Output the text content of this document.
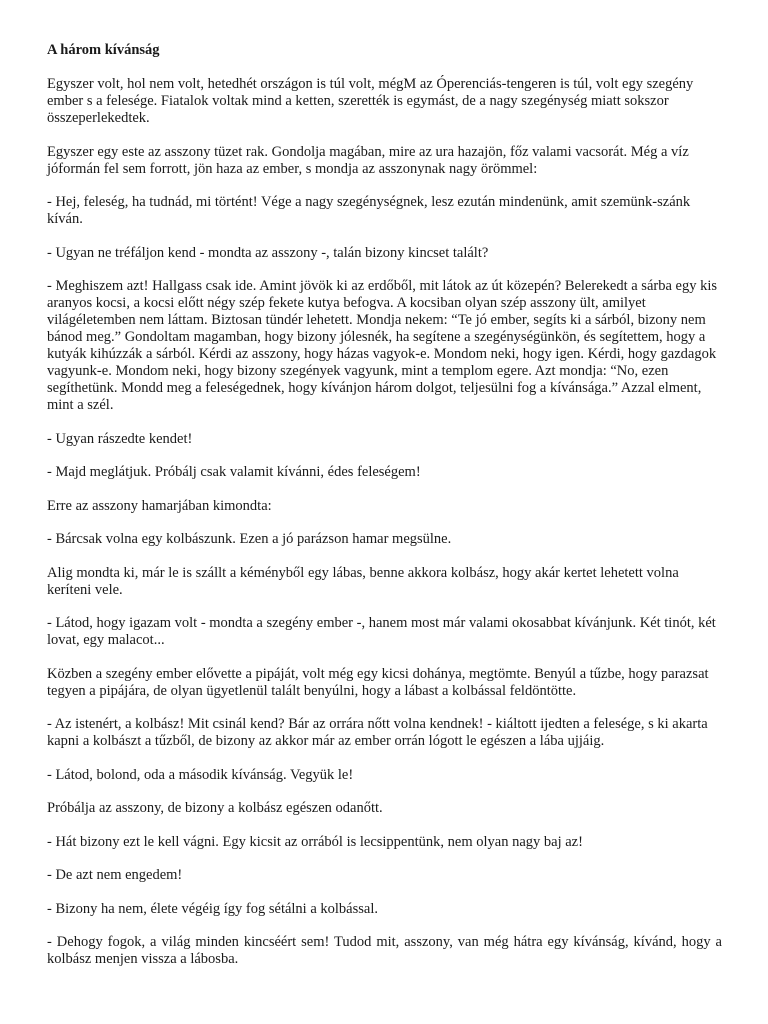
A három kívánság

Egyszer volt, hol nem volt, hetedhét országon is túl volt, mégM az Óperenciás-tengeren is túl, volt egy szegény ember s a felesége. Fiatalok voltak mind a ketten, szerették is egymást, de a nagy szegénység miatt sokszor összeperlekedtek.

Egyszer egy este az asszony tüzet rak. Gondolja magában, mire az ura hazajön, főz valami vacsorát. Még a víz jóformán fel sem forrott, jön haza az ember, s mondja az asszonynak nagy örömmel:

- Hej, feleség, ha tudnád, mi történt! Vége a nagy szegénységnek, lesz ezután mindenünk, amit szemünk-szánk kíván.

- Ugyan ne tréfáljon kend - mondta az asszony -, talán bizony kincset talált?

- Meghiszem azt! Hallgass csak ide. Amint jövök ki az erdőből, mit látok az út közepén? Belerekedt a sárba egy kis aranyos kocsi, a kocsi előtt négy szép fekete kutya befogva. A kocsiban olyan szép asszony ült, amilyet világéletemben nem láttam. Biztosan tündér lehetett. Mondja nekem: “Te jó ember, segíts ki a sárból, bizony nem bánod meg.” Gondoltam magamban, hogy bizony jólesnék, ha segítene a szegénységünkön, és segítettem, hogy a kutyák kihúzzák a sárból. Kérdi az asszony, hogy házas vagyok-e. Mondom neki, hogy igen. Kérdi, hogy gazdagok vagyunk-e. Mondom neki, hogy bizony szegények vagyunk, mint a templom egere. Azt mondja: “No, ezen segíthetünk. Mondd meg a feleségednek, hogy kívánjon három dolgot, teljesülni fog a kívánsága.” Azzal elment, mint a szél.

- Ugyan rászedte kendet!

- Majd meglátjuk. Próbálj csak valamit kívánni, édes feleségem!

Erre az asszony hamarjában kimondta:

- Bárcsak volna egy kolbászunk. Ezen a jó parázson hamar megsülne.

Alig mondta ki, már le is szállt a kéményből egy lábas, benne akkora kolbász, hogy akár kertet lehetett volna keríteni vele.

- Látod, hogy igazam volt - mondta a szegény ember -, hanem most már valami okosabbat kívánjunk. Két tinót, két lovat, egy malacot...

Közben a szegény ember elővette a pipáját, volt még egy kicsi dohánya, megtömte. Benyúl a tűzbe, hogy parazsat tegyen a pipájára, de olyan ügyetlenül talált benyúlni, hogy a lábast a kolbással feldöntötte.

- Az istenért, a kolbász! Mit csinál kend? Bár az orrára nőtt volna kendnek! - kiáltott ijedten a felesége, s ki akarta kapni a kolbászt a tűzből, de bizony az akkor már az ember orrán lógott le egészen a lába ujjáig.

- Látod, bolond, oda a második kívánság. Vegyük le!

Próbálja az asszony, de bizony a kolbász egészen odanőtt.

- Hát bizony ezt le kell vágni. Egy kicsit az orrából is lecsippentünk, nem olyan nagy baj az!

- De azt nem engedem!

- Bizony ha nem, élete végéig így fog sétálni a kolbással.

- Dehogy fogok, a világ minden kincséért sem! Tudod mit, asszony, van még hátra egy kívánság, kívánd, hogy a kolbász menjen vissza a lábosba.
